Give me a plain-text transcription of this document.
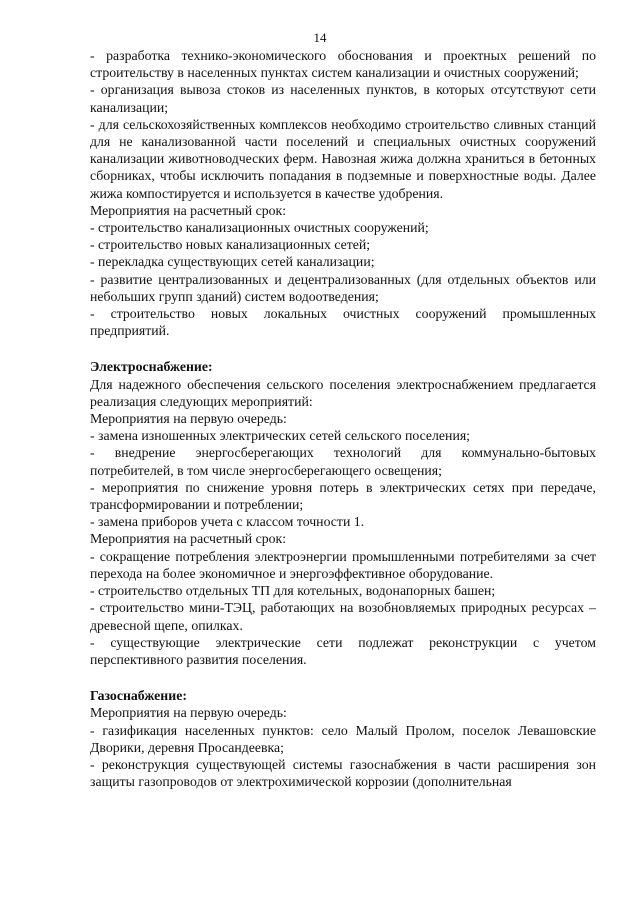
14

- разработка технико-экономического обоснования и проектных решений по строительству в населенных пунктах систем канализации и очистных сооружений;

- организация вывоза стоков из населенных пунктов, в которых отсутствуют сети канализации;

- для сельскохозяйственных комплексов необходимо строительство сливных станций для не канализованной части поселений и специальных очистных сооружений канализации животноводческих ферм. Навозная жижа должна храниться в бетонных сборниках, чтобы исключить попадания в подземные и поверхностные воды. Далее жижа компостируется и используется в качестве удобрения.

Мероприятия на расчетный срок:

- строительство канализационных очистных сооружений;

- строительство новых канализационных сетей;

- перекладка существующих сетей канализации;

- развитие централизованных и децентрализованных (для отдельных объектов или небольших групп зданий) систем водоотведения;

- строительство новых локальных очистных сооружений промышленных предприятий.

Электроснабжение:

Для надежного обеспечения сельского поселения электроснабжением предлагается реализация следующих мероприятий:

Мероприятия на первую очередь:

- замена изношенных электрических сетей сельского поселения;

- внедрение энергосберегающих технологий для коммунально-бытовых потребителей, в том числе энергосберегающего освещения;

- мероприятия по снижение уровня потерь в электрических сетях при передаче, трансформировании и потреблении;

- замена приборов учета с классом точности 1.

Мероприятия на расчетный срок:

- сокращение потребления электроэнергии промышленными потребителями за счет перехода на более экономичное и энергоэффективное оборудование.

- строительство отдельных ТП для котельных, водонапорных башен;

- строительство мини-ТЭЦ, работающих на возобновляемых природных ресурсах – древесной щепе, опилках.

- существующие электрические сети подлежат реконструкции с учетом перспективного развития поселения.

Газоснабжение:

Мероприятия на первую очередь:

- газификация населенных пунктов: село Малый Пролом, поселок Левашовские Дворики, деревня Просандеевка;

- реконструкция существующей системы газоснабжения в части расширения зон защиты газопроводов от электрохимической коррозии (дополнительная
